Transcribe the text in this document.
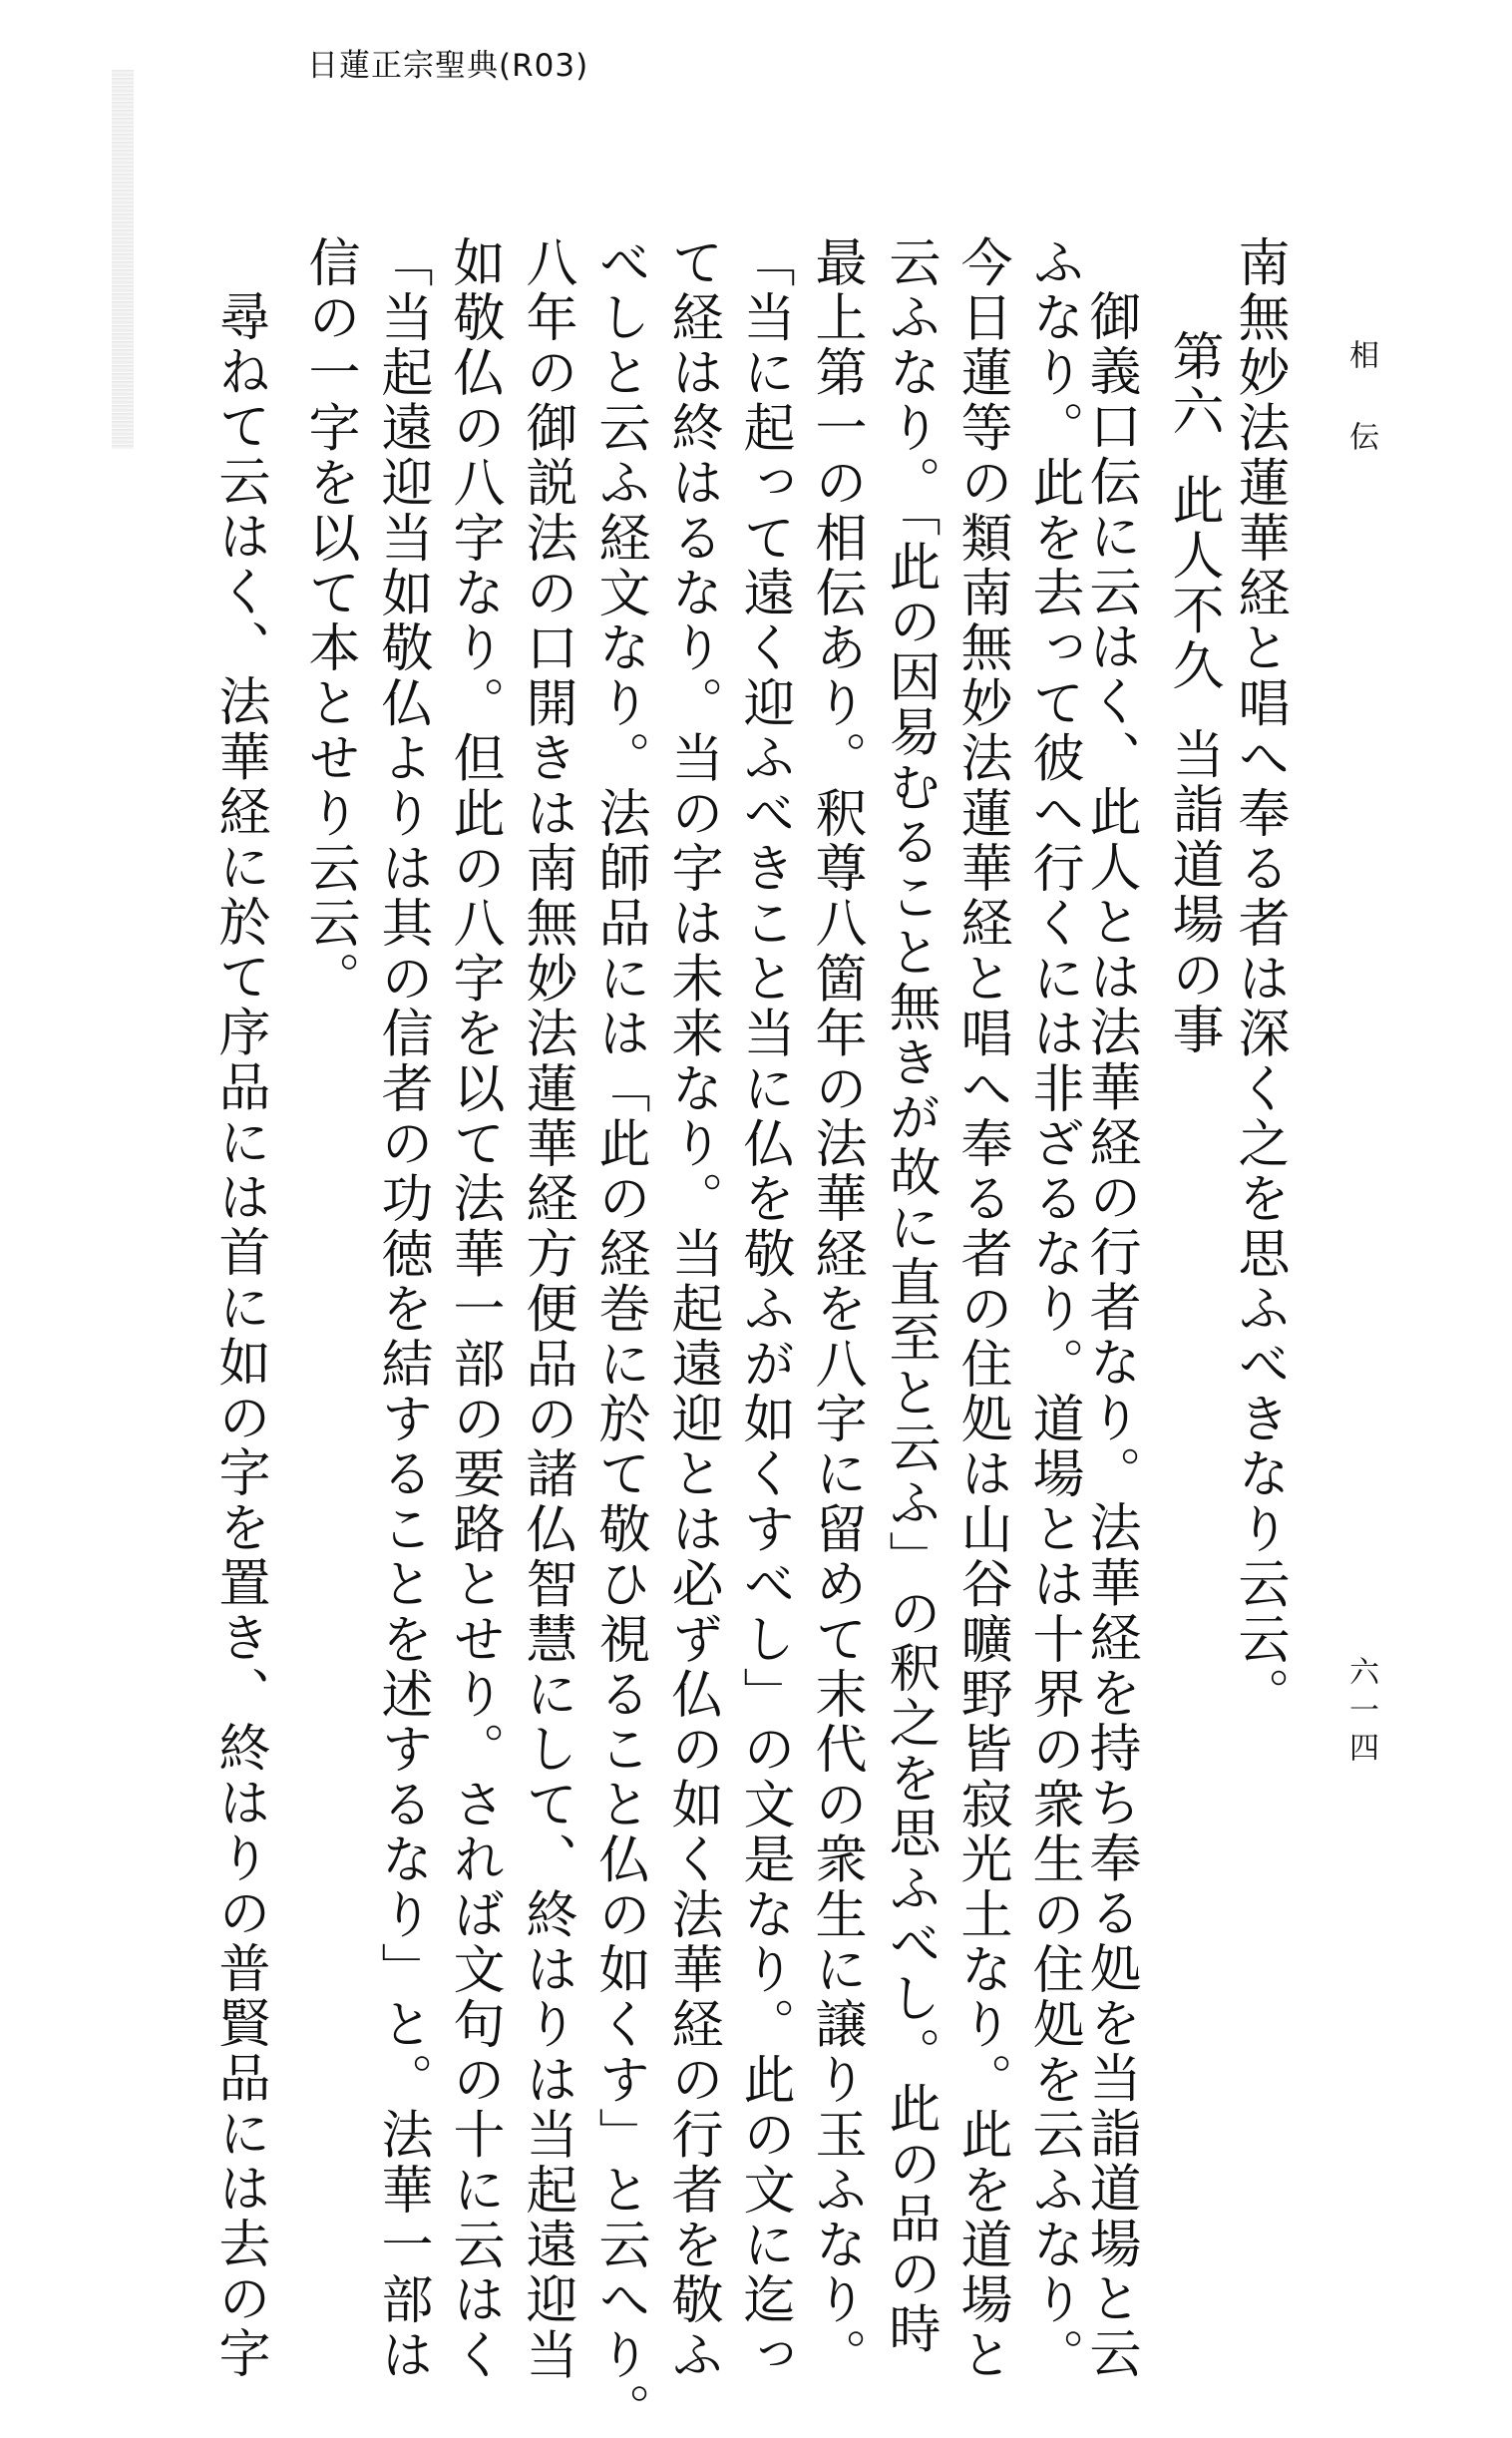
日蓮正宗聖典(R03)
相伝
六一四
南無妙法蓮華経と唱へ奉る者は深く之を思ふべきなり云云。
第六此人不久当詣道場の事
御義口伝に云はく、此人とは法華経の行者なり。法華経を持ち奉る処を当詣道場と云
ふなり。此を去って彼へ行くには非ざるなり。道場とは十界の衆生の住処を云ふなり。
今日蓮等の類南無妙法蓮華経と唱へ奉る者の住処は山谷曠野皆寂光土なり。此を道場と
云ふなり。「此の因易むること無きが故に直至と云ふ」の釈之を思ふべし。此の品の時
最上第一の相伝あり。釈尊八箇年の法華経を八字に留めて末代の衆生に譲り玉ふなり。
「当に起って遠く迎ふべきこと当に仏を敬ふが如くすべし」の文是なり。此の文に迄っ
て経は終はるなり。当の字は未来なり。当起遠迎とは必ず仏の如く法華経の行者を敬ふ
べしと云ふ経文なり。法師品には「此の経巻に於て敬ひ視ること仏の如くす」と云へり。
八年の御説法の口開きは南無妙法蓮華経方便品の諸仏智慧にして、終はりは当起遠迎当
如敬仏の八字なり。但此の八字を以て法華一部の要路とせり。されば文句の十に云はく
「当起遠迎当如敬仏よりは其の信者の功徳を結することを述するなり」と。法華一部は
信の一字を以て本とせり云云。
尋ねて云はく、法華経に於て序品には首に如の字を置き、終はりの普賢品には去の字
